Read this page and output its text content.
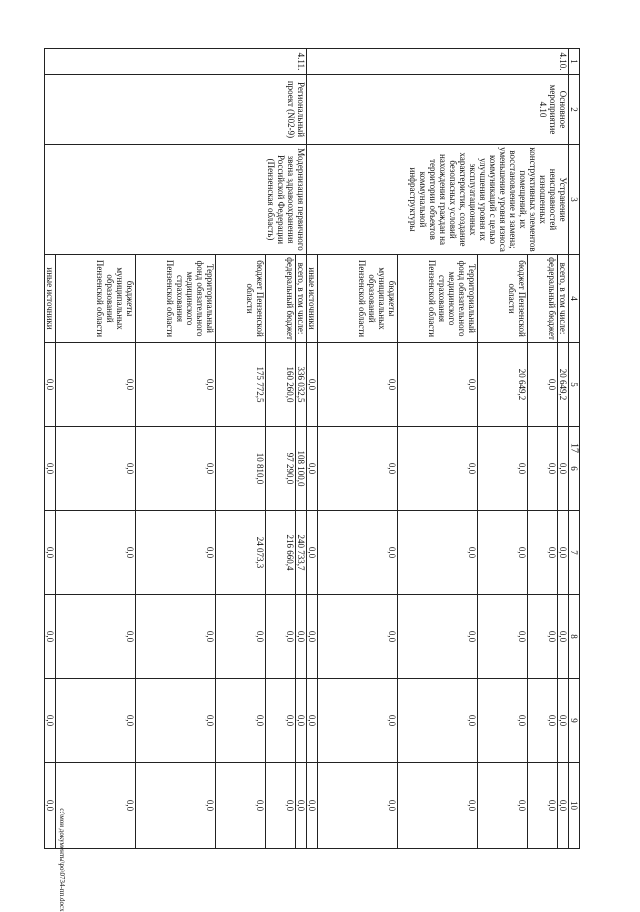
17
c:\мои документы\ро\0734-пп.docx
1	2	3	4	5	6	7	8	9	10
4.10.	Основное мероприятие 4.10	Устранение неисправностей изношенных конструктивных элементов помещений, их восстановление и замена; уменьшение уровня износа коммуникаций с целью улучшения уровня их эксплуатационных характеристик, создание безопасных условий нахождения граждан на территории объектов коммунальной инфраструктуры	всего, в том числе:	20 649,2	0,0	0,0	0,0	0,0	0,0
			федеральный бюджет	0,0	0,0	0,0	0,0	0,0	0,0
			бюджет Пензенской области	20 649,2	0,0	0,0	0,0	0,0	0,0
			Территориальный фонд обязательного медицинского страхования Пензенской области	0,0	0,0	0,0	0,0	0,0	0,0
			бюджеты муниципальных образований Пензенской области	0,0	0,0	0,0	0,0	0,0	0,0
			иные источники	0,0	0,0	0,0	0,0	0,0	0,0
4.11.	Региональный проект (N02-9)	Модернизация первичного звена здравоохранения Российской Федерации (Пензенская область)	всего, в том числе:	336 032,5	108 100,0	240 733,7	0,0	0,0	0,0
			федеральный бюджет	160 260,0	97 290,0	216 660,4	0,0	0,0	0,0
			бюджет Пензенской области	175 772,5	10 810,0	24 073,3	0,0	0,0	0,0
			Территориальный фонд обязательного медицинского страхования Пензенской области	0,0	0,0	0,0	0,0	0,0	0,0
			бюджеты муниципальных образований Пензенской области	0,0	0,0	0,0	0,0	0,0	0,0
			иные источники	0,0	0,0	0,0	0,0	0,0	0,0
